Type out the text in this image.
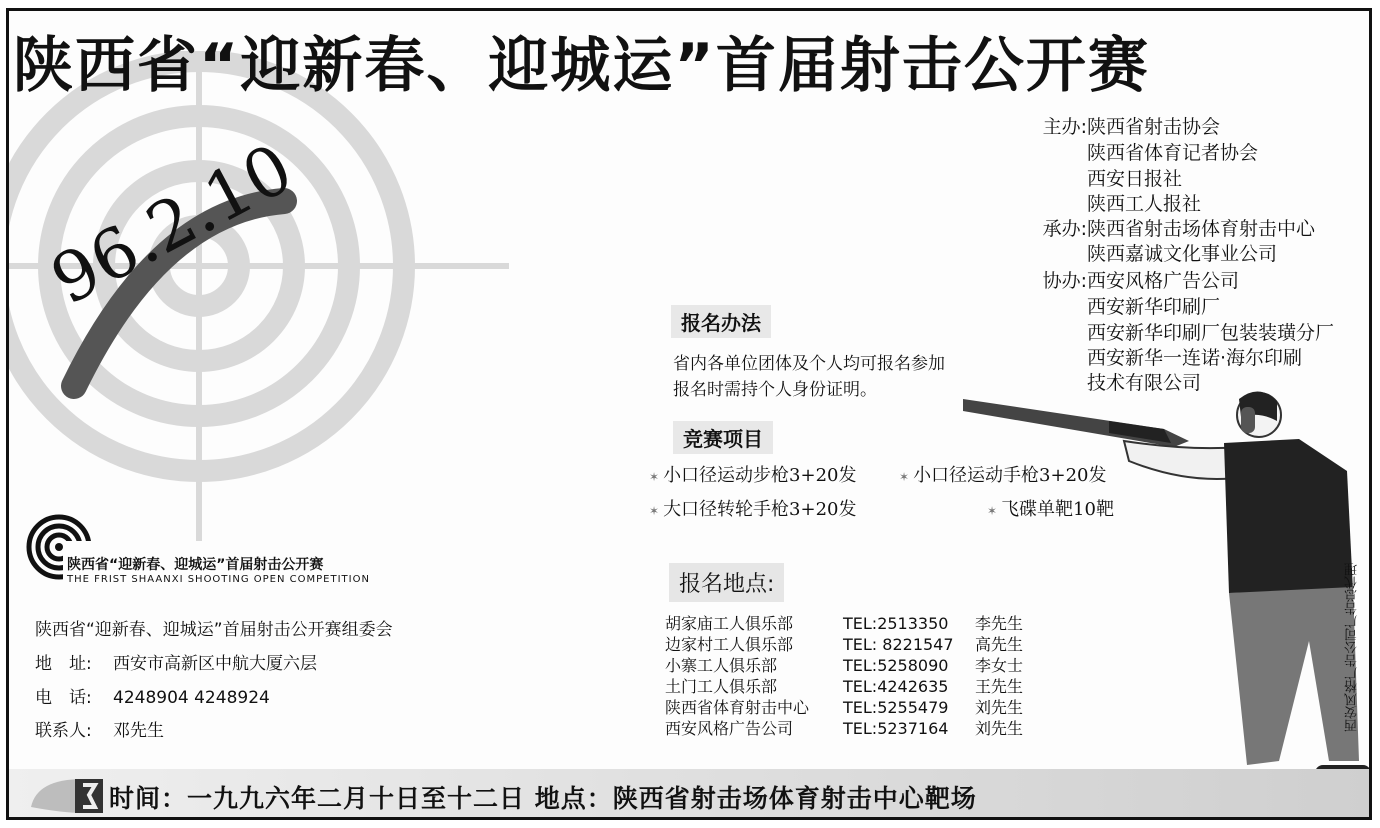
96.2.10
陕西省“迎新春、迎城运”首届射击公开赛
主办:陕西省射击协会
陕西省体育记者协会
西安日报社
陕西工人报社
承办:陕西省射击场体育射击中心
陕西嘉诚文化事业公司
协办:西安风格广告公司
西安新华印刷厂
西安新华印刷厂包装装璜分厂
西安新华一连诺·海尔印刷
技术有限公司
报名办法
省内各单位团体及个人均可报名参加
报名时需持个人身份证明。
竞赛项目
✶ 小口径运动步枪3+20发	✶ 小口径运动手枪3+20发
✶ 大口径转轮手枪3+20发	✶ 飞碟单靶10靶
报名地点:
胡家庙工人俱乐部	TEL:2513350 李先生
边家村工人俱乐部	TEL: 8221547 高先生
小寨工人俱乐部	TEL:5258090 李女士
土门工人俱乐部	TEL:4242635 王先生
陕西省体育射击中心 TEL:5255479 刘先生
西安风格广告公司	TEL:5237164 刘先生
陕西省“迎新春、迎城运”首届射击公开赛
THE FRIST SHAANXI SHOOTING OPEN COMPETITION
陕西省“迎新春、迎城运”首届射击公开赛组委会
地　址: 西安市高新区中航大厦六层
电　话: 4248904 4248924
联系人: 邓先生	西安风格广告公司广告总代理
时间：一九九六年二月十日至十二日 地点：陕西省射击场体育射击中心靶场
